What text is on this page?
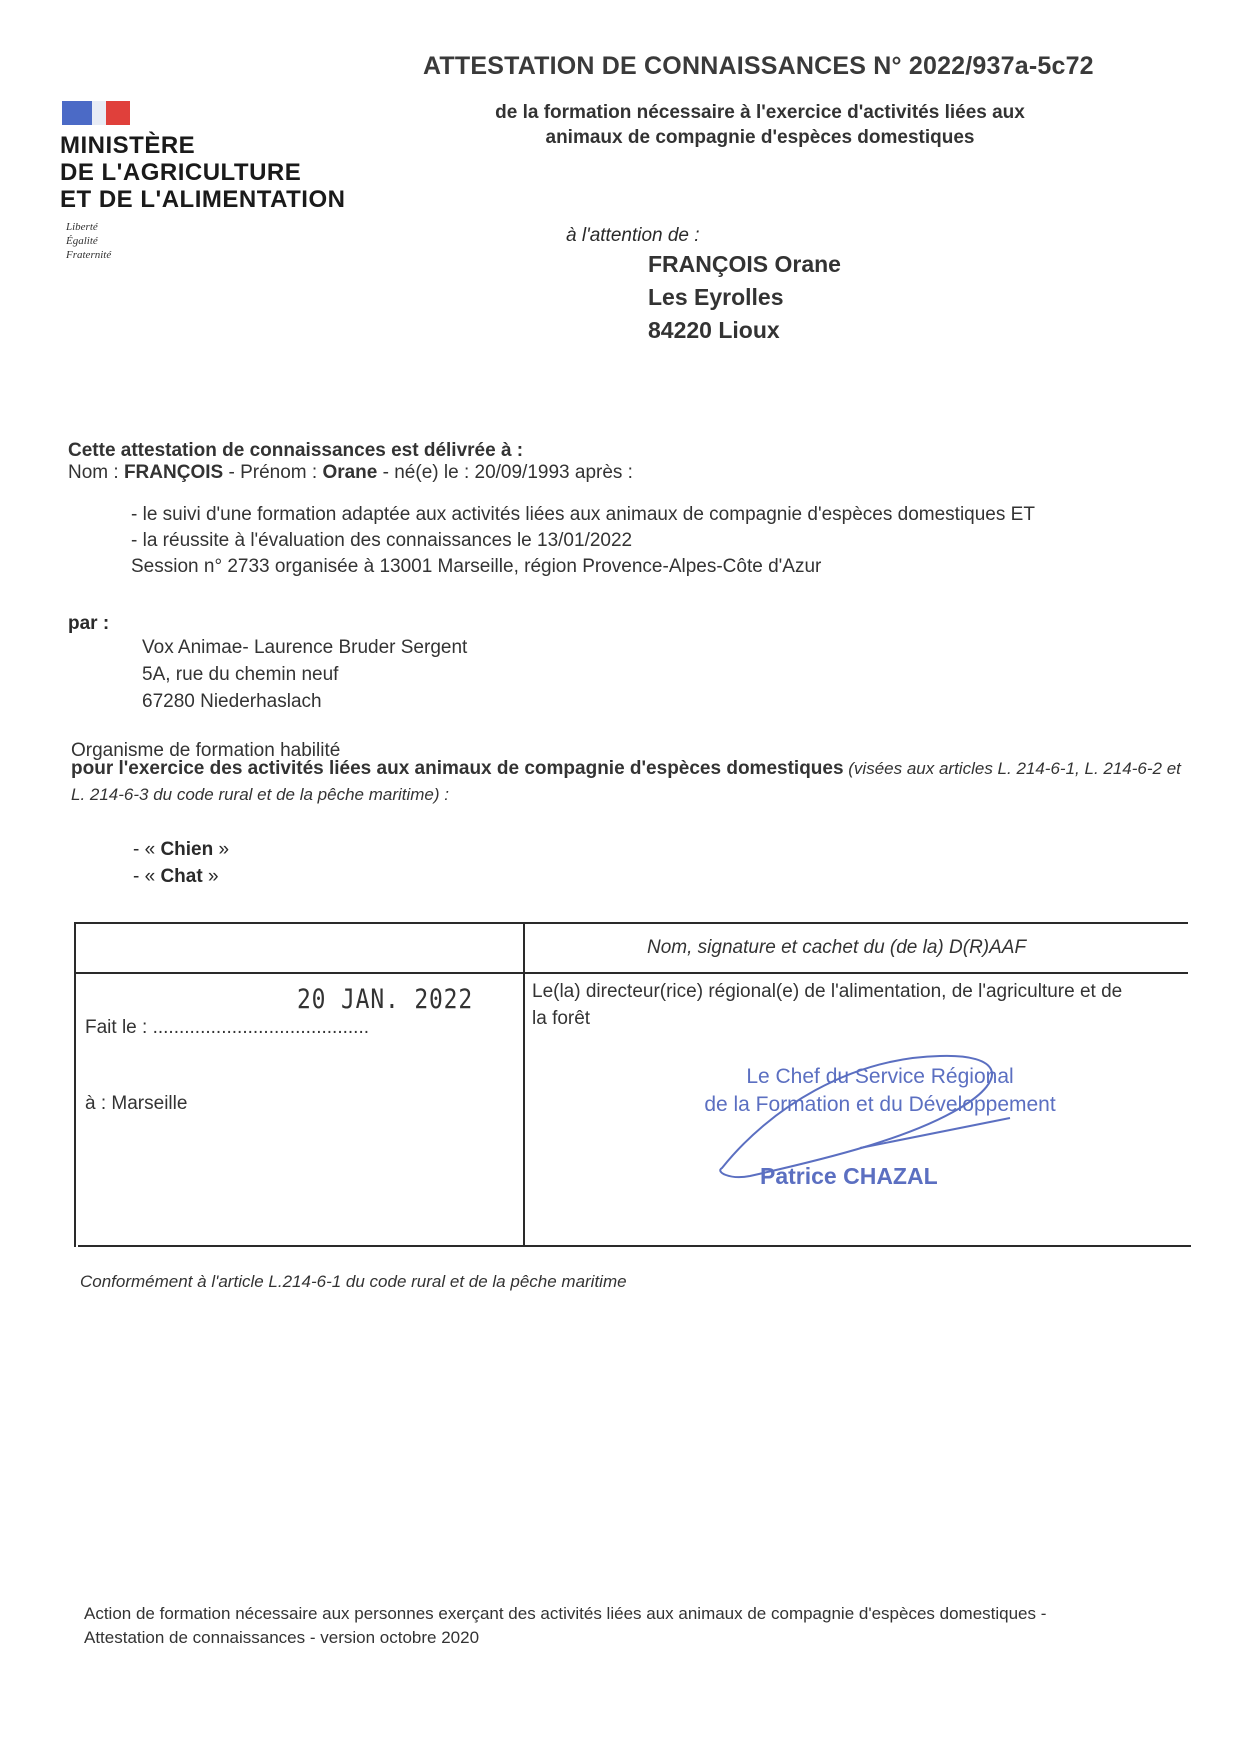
ATTESTATION DE CONNAISSANCES N° 2022/937a-5c72
de la formation nécessaire à l'exercice d'activités liées aux
animaux de compagnie d'espèces domestiques
MINISTÈRE
DE L'AGRICULTURE
ET DE L'ALIMENTATION
Liberté
Égalité
Fraternité
à l'attention de :
FRANÇOIS Orane
Les Eyrolles
84220 Lioux
Cette attestation de connaissances est délivrée à :
Nom : FRANÇOIS - Prénom : Orane - né(e) le : 20/09/1993 après :
- le suivi d'une formation adaptée aux activités liées aux animaux de compagnie d'espèces domestiques ET
- la réussite à l'évaluation des connaissances le 13/01/2022
Session n° 2733 organisée à 13001 Marseille, région Provence-Alpes-Côte d'Azur
par :
Vox Animae- Laurence Bruder Sergent
5A, rue du chemin neuf
67280 Niederhaslach
Organisme de formation habilité
pour l'exercice des activités liées aux animaux de compagnie d'espèces domestiques (visées aux articles L. 214-6-1, L. 214-6-2 et L. 214-6-3 du code rural et de la pêche maritime) :
- « Chien »
- « Chat »
Nom, signature et cachet du (de la) D(R)AAF
Fait le : .........................................
20 JAN. 2022
à : Marseille
Le(la) directeur(rice) régional(e) de l'alimentation, de l'agriculture et de
la forêt
Le Chef du Service Régional
de la Formation et du Développement
Patrice CHAZAL
Conformément à l'article L.214-6-1 du code rural et de la pêche maritime
Action de formation nécessaire aux personnes exerçant des activités liées aux animaux de compagnie d'espèces domestiques -
Attestation de connaissances - version octobre 2020
